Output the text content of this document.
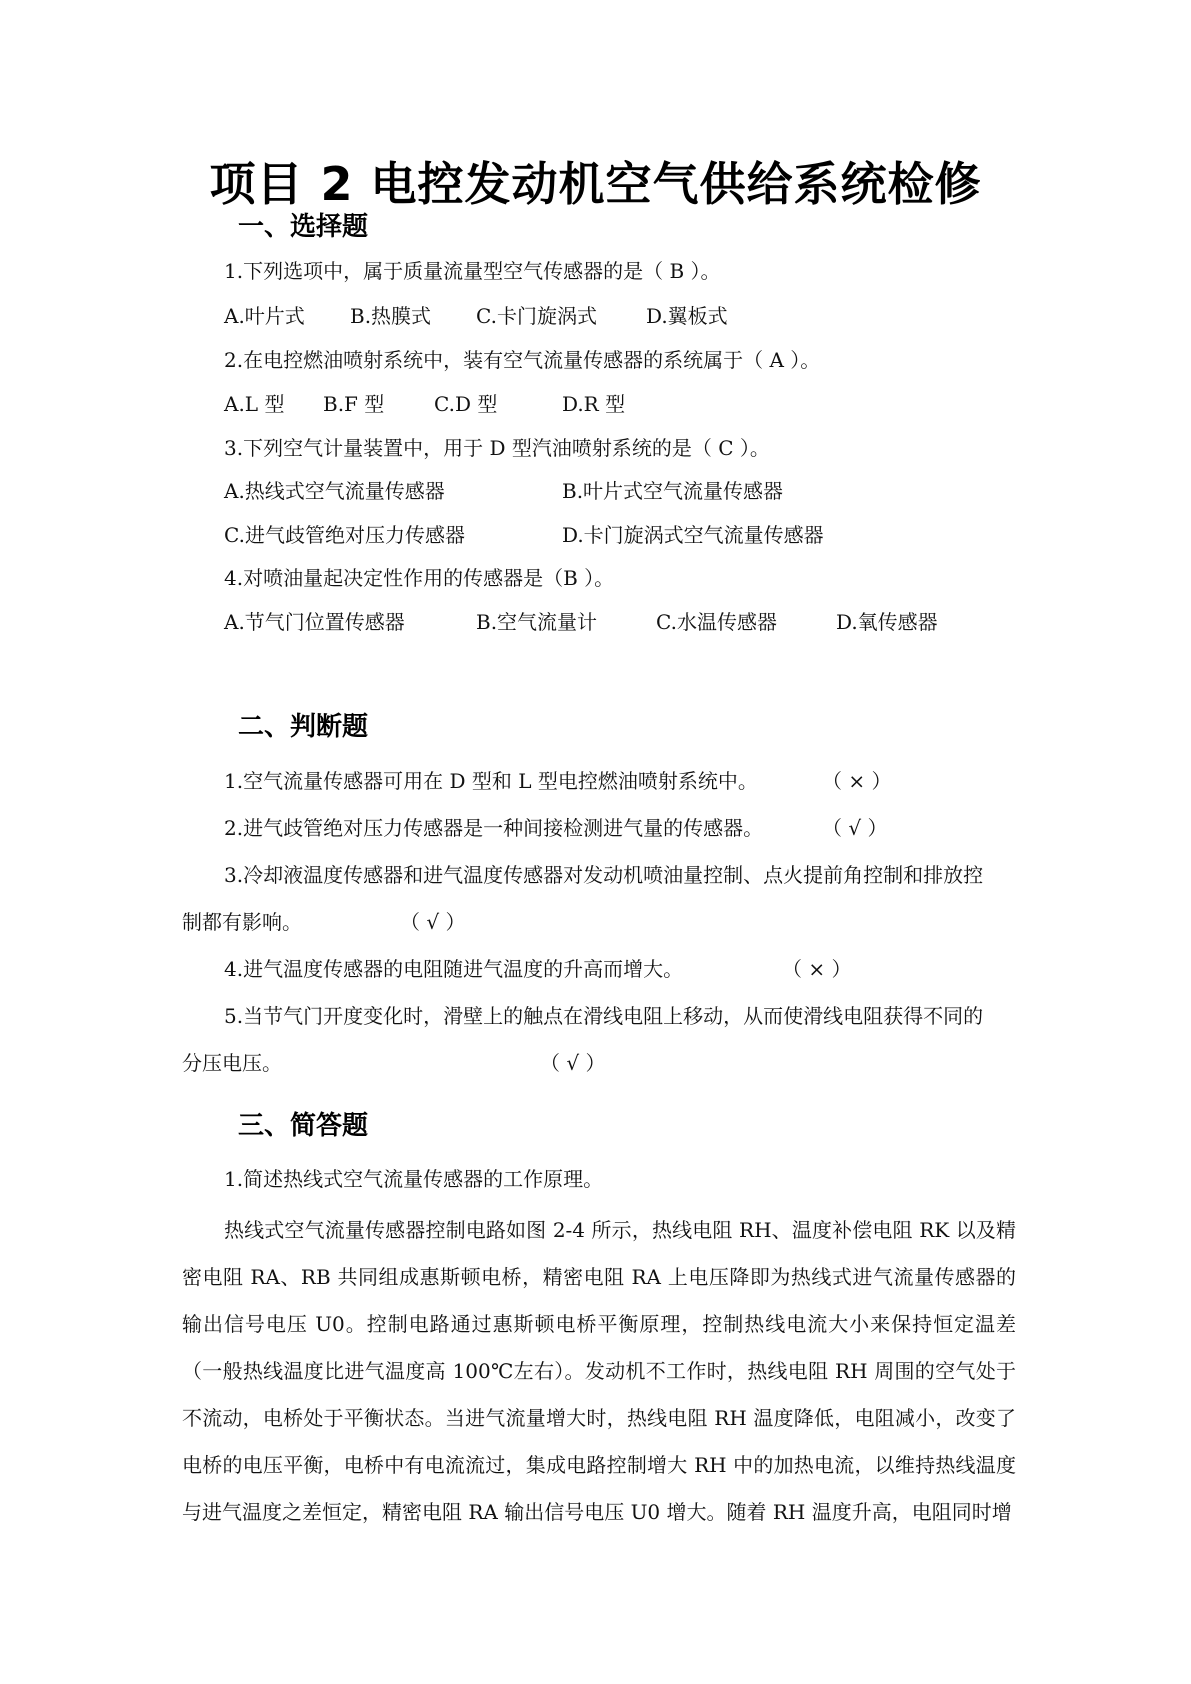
项目 2 电控发动机空气供给系统检修
一、选择题
1.下列选项中，属于质量流量型空气传感器的是（ B ）。
A.叶片式 B.热膜式 C.卡门旋涡式 D.翼板式
2.在电控燃油喷射系统中，装有空气流量传感器的系统属于（ A ）。
A.L 型 B.F 型 C.D 型	D.R 型
3.下列空气计量装置中，用于 D 型汽油喷射系统的是（ C ）。
A.热线式空气流量传感器	B.叶片式空气流量传感器
C.进气歧管绝对压力传感器	D.卡门旋涡式空气流量传感器
4.对喷油量起决定性作用的传感器是（B ）。
A.节气门位置传感器	B.空气流量计	C.水温传感器	D.氧传感器
二、判断题
1.空气流量传感器可用在 D 型和 L 型电控燃油喷射系统中。	（ × ）
2.进气歧管绝对压力传感器是一种间接检测进气量的传感器。	（ √ ）
3.冷却液温度传感器和进气温度传感器对发动机喷油量控制、点火提前角控制和排放控
制都有影响。	（ √ ）
4.进气温度传感器的电阻随进气温度的升高而增大。	（ × ）
5.当节气门开度变化时，滑壁上的触点在滑线电阻上移动，从而使滑线电阻获得不同的
分压电压。	（ √ ）
三、简答题
1.简述热线式空气流量传感器的工作原理。
热线式空气流量传感器控制电路如图 2-4 所示，热线电阻 RH、温度补偿电阻 RK 以及精密电阻 RA、RB 共同组成惠斯顿电桥，精密电阻 RA 上电压降即为热线式进气流量传感器的输出信号电压 U0。控制电路通过惠斯顿电桥平衡原理，控制热线电流大小来保持恒定温差（一般热线温度比进气温度高 100℃左右）。发动机不工作时，热线电阻 RH 周围的空气处于不流动，电桥处于平衡状态。当进气流量增大时，热线电阻 RH 温度降低，电阻减小，改变了电桥的电压平衡，电桥中有电流流过，集成电路控制增大 RH 中的加热电流，以维持热线温度与进气温度之差恒定，精密电阻 RA 输出信号电压 U0 增大。随着 RH 温度升高，电阻同时增
